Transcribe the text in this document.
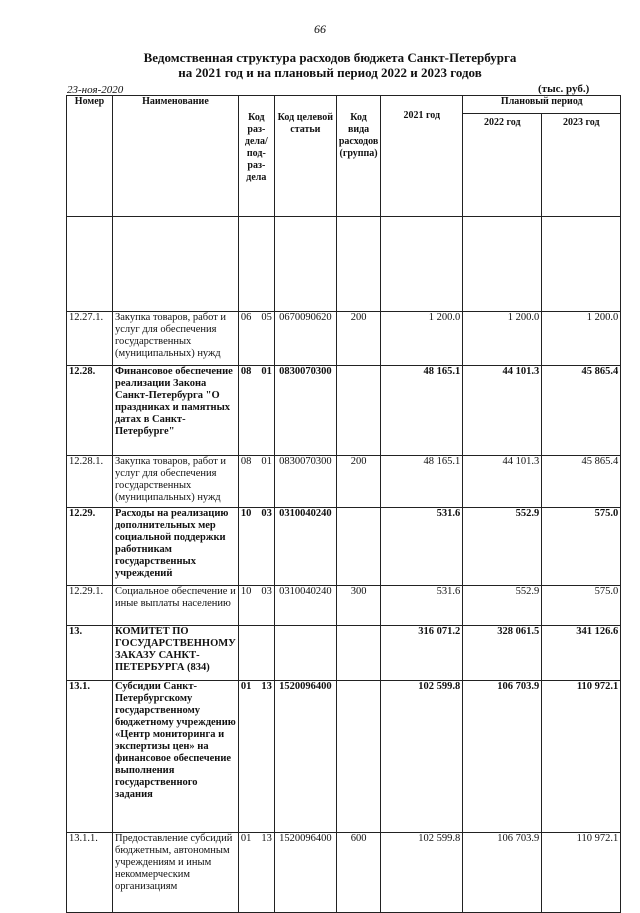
66
Ведомственная структура расходов бюджета Санкт-Петербурга
на 2021 год и на плановый период 2022 и 2023 годов
23-ноя-2020	(тыс. руб.)
Номер	Наименование	Код раз-дела/ под-раз-дела	Код целевой статьи	Код вида расходов (группа)	2021 год	Плановый период	
						2022 год	2023 год

12.27.1.	Закупка товаров, работ и услуг для обеспечения государственных (муниципальных) нужд	06 05	0670090620	200	1 200.0	1 200.0	1 200.0
12.28.	Финансовое обеспечение реализации Закона Санкт-Петербурга "О праздниках и памятных датах в Санкт-Петербурге"	08 01	0830070300		48 165.1	44 101.3	45 865.4
12.28.1.	Закупка товаров, работ и услуг для обеспечения государственных (муниципальных) нужд	08 01	0830070300	200	48 165.1	44 101.3	45 865.4
12.29.	Расходы на реализацию дополнительных мер социальной поддержки работникам государственных учреждений	10 03	0310040240		531.6	552.9	575.0
12.29.1.	Социальное обеспечение и иные выплаты населению	10 03	0310040240	300	531.6	552.9	575.0
13.	КОМИТЕТ ПО ГОСУДАРСТВЕННОМУ ЗАКАЗУ САНКТ-ПЕТЕРБУРГА (834)				316 071.2	328 061.5	341 126.6
13.1.	Субсидии Санкт-Петербургскому государственному бюджетному учреждению «Центр мониторинга и экспертизы цен» на финансовое обеспечение выполнения государственного задания	01 13	1520096400		102 599.8	106 703.9	110 972.1
13.1.1.	Предоставление субсидий бюджетным, автономным учреждениям и иным некоммерческим организациям	01 13	1520096400	600	102 599.8	106 703.9	110 972.1
